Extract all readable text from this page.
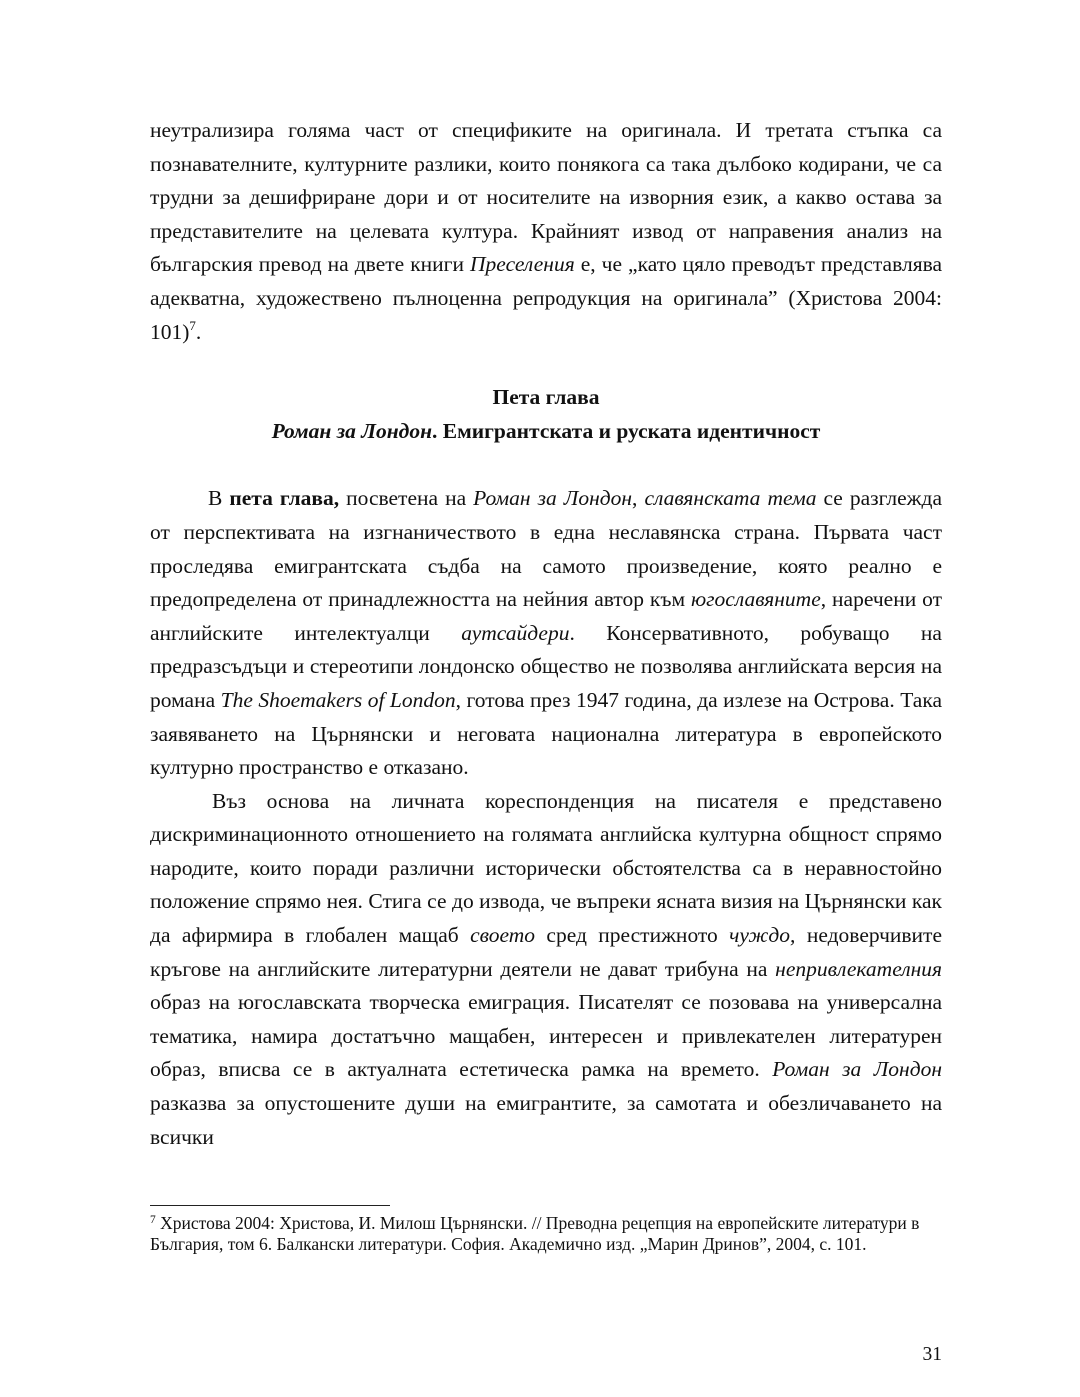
неутрализира голяма част от спецификите на оригинала. И третата стъпка са познавателните, културните разлики, които понякога са така дълбоко кодирани, че са трудни за дешифриране дори и от носителите на изворния език, а какво остава за представителите на целевата култура. Крайният извод от направения анализ на българския превод на двете книги Преселения е, че „като цяло преводът представлява адекватна, художествено пълноценна репродукция на оригинала” (Христова 2004: 101)$^7$.

Пета глава
Роман за Лондон. Емигрантската и руската идентичност

В пета глава, посветена на Роман за Лондон, славянската тема се разглежда от перспективата на изгнаничеството в една неславянска страна. Първата част проследява емигрантската съдба на самото произведение, която реално е предопределена от принадлежността на нейния автор към югославяните, наречени от английските интелектуалци аутсайдери. Консервативното, робуващо на предразсъдъци и стереотипи лондонско общество не позволява английската версия на романа The Shoemakers of London, готова през 1947 година, да излезе на Острова. Така заявяването на Църнянски и неговата национална литература в европейското културно пространство е отказано.

Въз основа на личната кореспонденция на писателя е представено дискриминационното отношението на голямата английска културна общност спрямо народите, които поради различни исторически обстоятелства са в неравностойно положение спрямо нея. Стига се до извода, че въпреки ясната визия на Църнянски как да афирмира в глобален мащаб своето сред престижното чуждо, недоверчивите кръгове на английските литературни деятели не дават трибуна на непривлекателния образ на югославската творческа емиграция. Писателят се позовава на универсална тематика, намира достатъчно мащабен, интересен и привлекателен литературен образ, вписва се в актуалната естетическа рамка на времето. Роман за Лондон разказва за опустошените души на емигрантите, за самотата и обезличаването на всички

$^7$ Христова 2004: Христова, И. Милош Църнянски. // Преводна рецепция на европейските литератури в България, том 6. Балкански литератури. София. Академично изд. „Марин Дринов”, 2004, с. 101.

31
